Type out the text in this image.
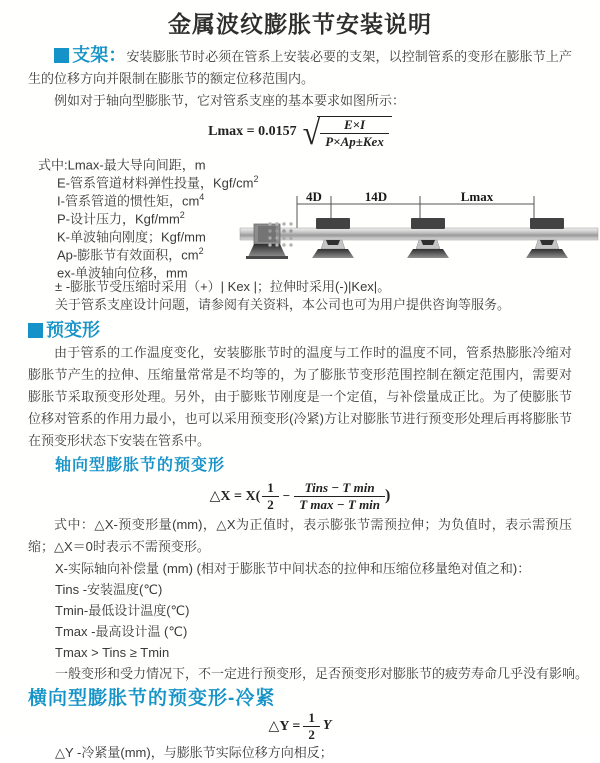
金属波纹膨胀节安装说明

支架：安装膨胀节时必须在管系上安装必要的支架，以控制管系的变形在膨胀节上产生的位移方向并限制在膨胀节的额定位移范围内。

例如对于轴向型膨胀节，它对管系支座的基本要求如图所示：

Lmax = 0.0157 √ $\frac{E\times I}{\text{P×Ap±Kex}}$
式中:Lmax-最大导向间距，m
E-管系管道材料弹性投量，Kgf/$cm^2$
I-管系管道的惯性矩，$cm^4$
P-设计压力，Kgf/$mm^2$
K-单波轴向刚度；Kgf/mm
Ap-膨胀节有效面积，$cm^2$
ex-单波轴向位移，mm
± -膨胀节受压缩时采用（+）| Kex |；拉伸时采用(-)|Kex|。
关于管系支座设计问题，请参阅有关资料，本公司也可为用户提供咨询等服务。
4D	14D	Lmax
预变形

由于管系的工作温度变化，安装膨胀节时的温度与工作时的温度不同，管系热膨胀冷缩对膨胀节产生的拉伸、压缩量常常是不均等的，为了膨胀节变形范围控制在额定范围内，需要对膨胀节采取预变形处理。另外，由于膨账节刚度是一个定值，与补偿量成正比。为了使膨胀节位移对管系的作用力最小，也可以采用预变形(冷紧)方让对膨胀节进行预变形处理后再将膨胀节在预变形状态下安装在管系中。

轴向型膨胀节的预变形
△X = $X( \frac{1}{2} - \frac{\text{Tins − T min}}{\text{T max − T min}}$ )

式中：△X-预变形量(mm)，△X为正值时，表示膨张节需预拉伸；为负值时，表示需预压缩；△X＝0时表示不需预变形。

X-实际轴向补偿量 (mm) (相对于膨胀节中间状态的拉伸和压缩位移量绝对值之和)：
Tins -安装温度(℃)
Tmin-最低设计温度(℃)
Tmax -最高设计温 (℃)
Tmax > Tins ≥ Tmin
一般变形和受力情况下，不一定进行预变形，足否预变形对膨胀节的疲劳寿命几乎没有影响。
横向型膨胀节的预变形-冷紧
△Y = $\frac{1}{2}$ Y

△Y -冷紧量(mm)，与膨胀节实际位移方向相反；
